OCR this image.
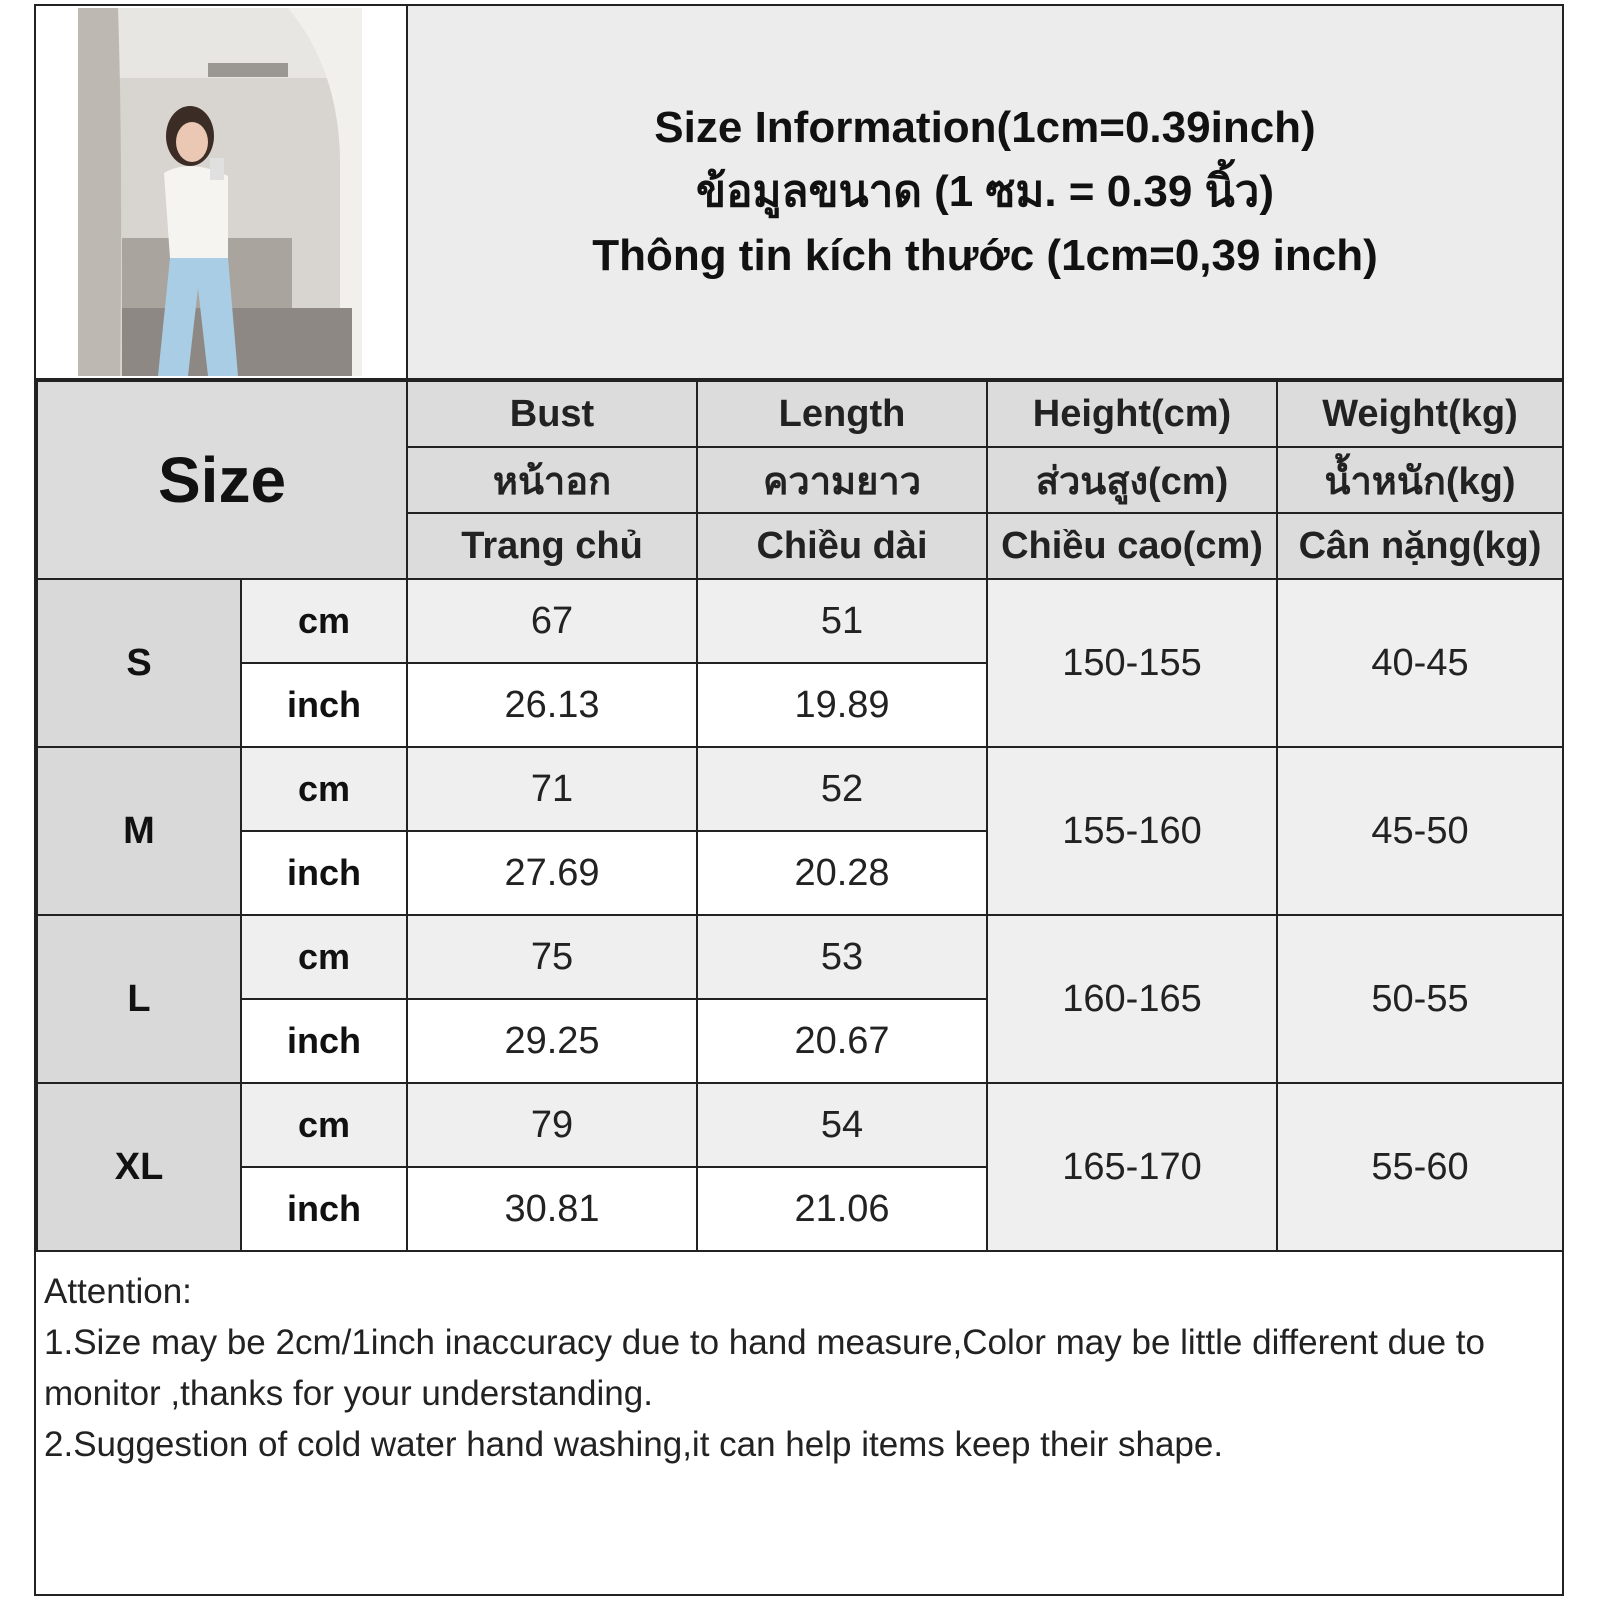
Size Information(1cm=0.39inch)
ข้อมูลขนาด (1 ซม. = 0.39 นิ้ว)
Thông tin kích thước (1cm=0,39 inch)
Size		Bust	Length	Height(cm)	Weight(kg)
		หน้าอก	ความยาว	ส่วนสูง(cm)	น้ำหนัก(kg)
		Trang chủ	Chiều dài	Chiều cao(cm)	Cân nặng(kg)
S	cm	67	51	150-155	40-45
	inch	26.13	19.89		
M	cm	71	52	155-160	45-50
	inch	27.69	20.28		
L	cm	75	53	160-165	50-55
	inch	29.25	20.67		
XL	cm	79	54	165-170	55-60
	inch	30.81	21.06		
Attention:
1.Size may be 2cm/1inch inaccuracy due to hand measure,Color may be little different due to monitor ,thanks for your understanding.
2.Suggestion of cold water hand washing,it can help items keep their shape.
